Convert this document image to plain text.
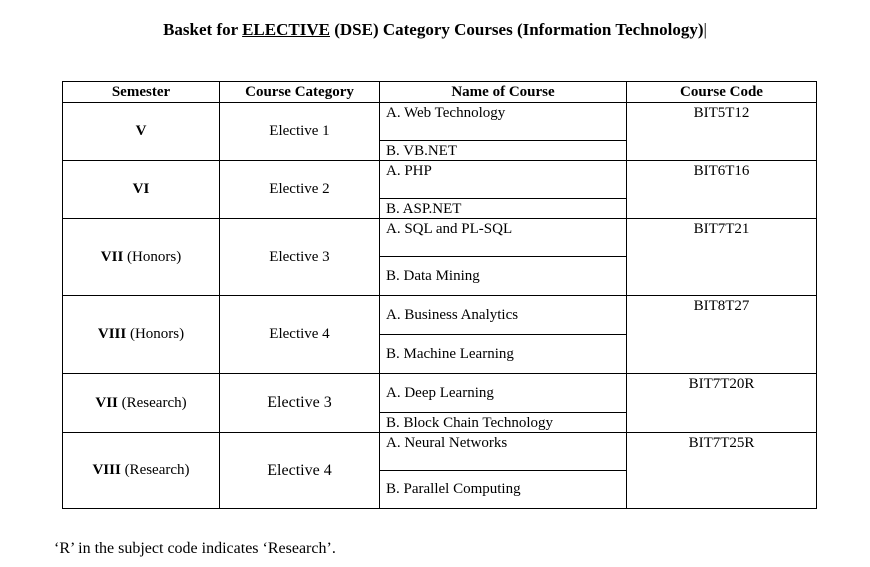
Basket for ELECTIVE (DSE) Category Courses (Information Technology)|
Semester	Course Category	Name of Course	Course Code
V	Elective 1	A. Web Technology	BIT5T12
		B. VB.NET	
VI	Elective 2	A. PHP	BIT6T16
		B. ASP.NET	
VII (Honors)	Elective 3	A. SQL and PL-SQL	BIT7T21
		B. Data Mining	
VIII (Honors)	Elective 4	A. Business Analytics	BIT8T27
		B. Machine Learning	
VII (Research)	Elective 3	A. Deep Learning	BIT7T20R
		B. Block Chain Technology	
VIII (Research)	Elective 4	A. Neural Networks	BIT7T25R
		B. Parallel Computing	
‘R’ in the subject code indicates ‘Research’.
